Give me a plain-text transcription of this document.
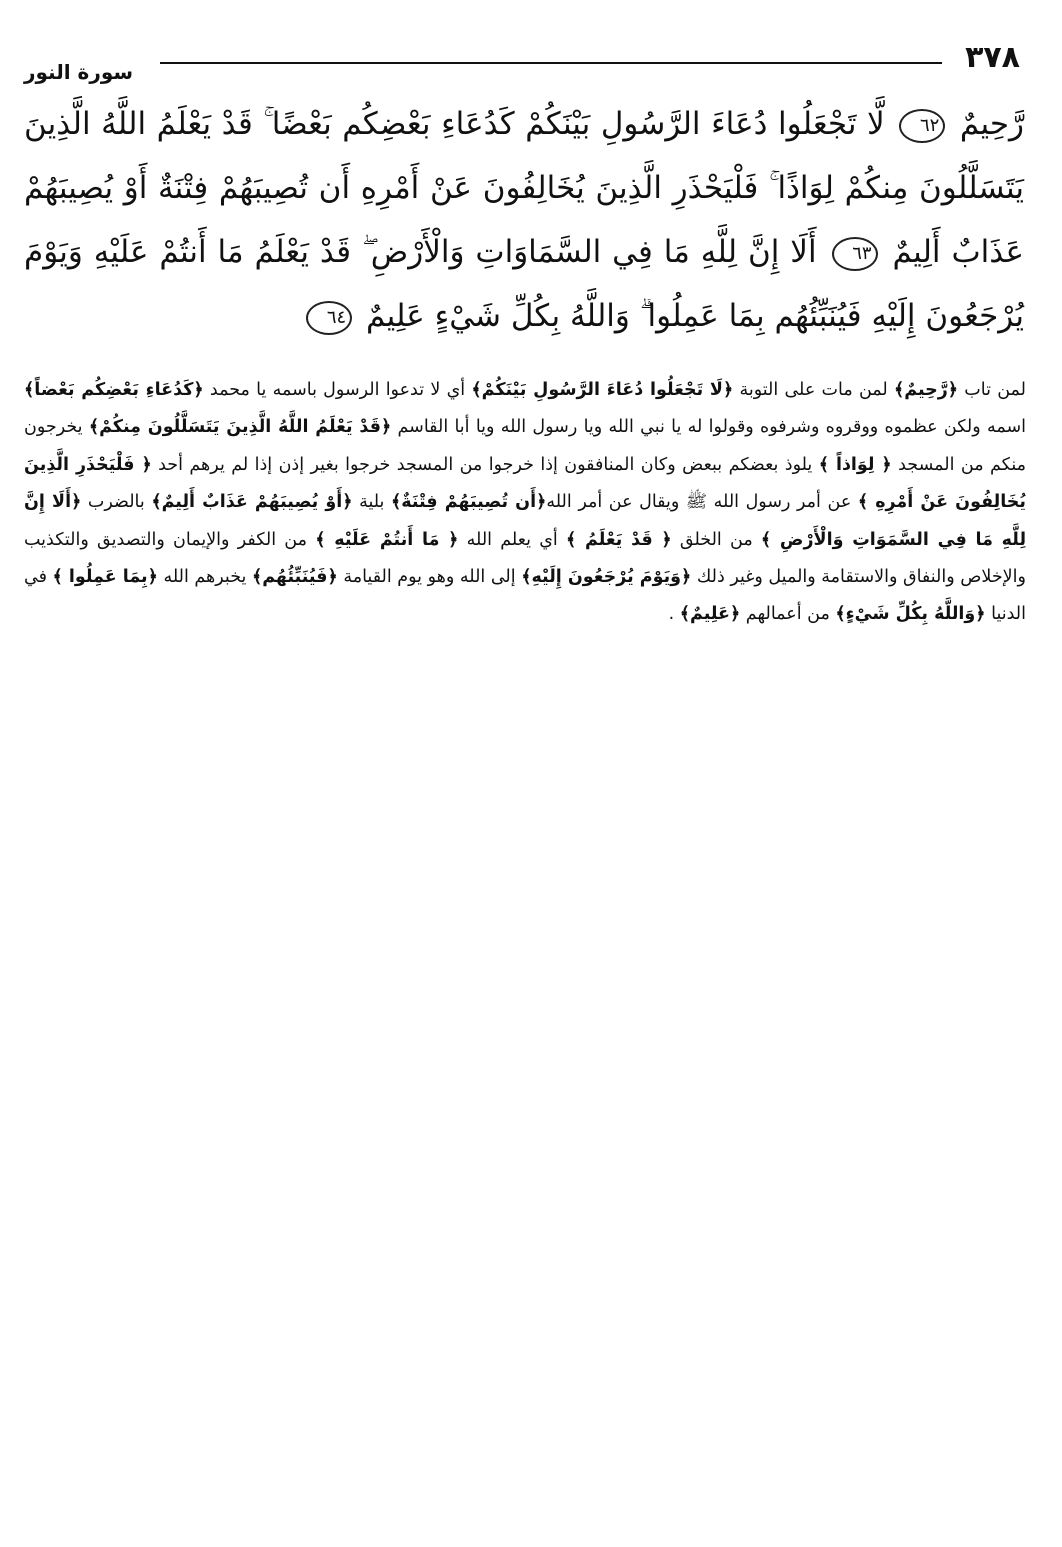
٣٧٨
سورة النور
رَّحِيمٌ ٦٢ لَّا تَجْعَلُوا دُعَاءَ الرَّسُولِ بَيْنَكُمْ كَدُعَاءِ بَعْضِكُم بَعْضًا ۚ قَدْ يَعْلَمُ اللَّهُ الَّذِينَ يَتَسَلَّلُونَ مِنكُمْ لِوَاذًا ۚ فَلْيَحْذَرِ الَّذِينَ يُخَالِفُونَ عَنْ أَمْرِهِ أَن تُصِيبَهُمْ فِتْنَةٌ أَوْ يُصِيبَهُمْ عَذَابٌ أَلِيمٌ ٦٣ أَلَا إِنَّ لِلَّهِ مَا فِي السَّمَاوَاتِ وَالْأَرْضِ ۖ قَدْ يَعْلَمُ مَا أَنتُمْ عَلَيْهِ وَيَوْمَ يُرْجَعُونَ إِلَيْهِ فَيُنَبِّئُهُم بِمَا عَمِلُوا ۗ وَاللَّهُ بِكُلِّ شَيْءٍ عَلِيمٌ ٦٤
لمن تاب ﴿رَّحِيمٌ﴾ لمن مات على التوبة ﴿لَا تَجْعَلُوا دُعَاءَ الرَّسُولِ بَيْنَكُمْ﴾ أي لا تدعوا الرسول باسمه يا محمد ﴿كَدُعَاءِ بَعْضِكُم بَعْضاً﴾ اسمه ولكن عظموه ووقروه وشرفوه وقولوا له يا نبي الله ويا رسول الله ويا أبا القاسم ﴿قَدْ يَعْلَمُ اللَّهُ الَّذِينَ يَتَسَلَّلُونَ مِنكُمْ﴾ يخرجون منكم من المسجد ﴿ لِوَاذاً ﴾ يلوذ بعضكم ببعض وكان المنافقون إذا خرجوا من المسجد خرجوا بغير إذن إذا لم يرهم أحد ﴿ فَلْيَحْذَرِ الَّذِينَ يُخَالِفُونَ عَنْ أَمْرِهِ ﴾ عن أمر رسول الله ﷺ ويقال عن أمر الله﴿أَن تُصِيبَهُمْ فِتْنَةٌ﴾ بلية ﴿أَوْ يُصِيبَهُمْ عَذَابٌ أَلِيمٌ﴾ بالضرب ﴿أَلَا إِنَّ لِلَّهِ مَا فِي السَّمَوَاتِ وَالْأَرْضِ ﴾ من الخلق ﴿ قَدْ يَعْلَمُ ﴾ أي يعلم الله ﴿ مَا أَنتُمْ عَلَيْهِ ﴾ من الكفر والإيمان والتصديق والتكذيب والإخلاص والنفاق والاستقامة والميل وغير ذلك ﴿وَيَوْمَ يُرْجَعُونَ إِلَيْهِ﴾ إلى الله وهو يوم القيامة ﴿فَيُنَبِّئُهُم﴾ يخبرهم الله ﴿بِمَا عَمِلُوا ﴾ في الدنيا ﴿وَاللَّهُ بِكُلِّ شَيْءٍ﴾ من أعمالهم ﴿عَلِيمٌ﴾ .
